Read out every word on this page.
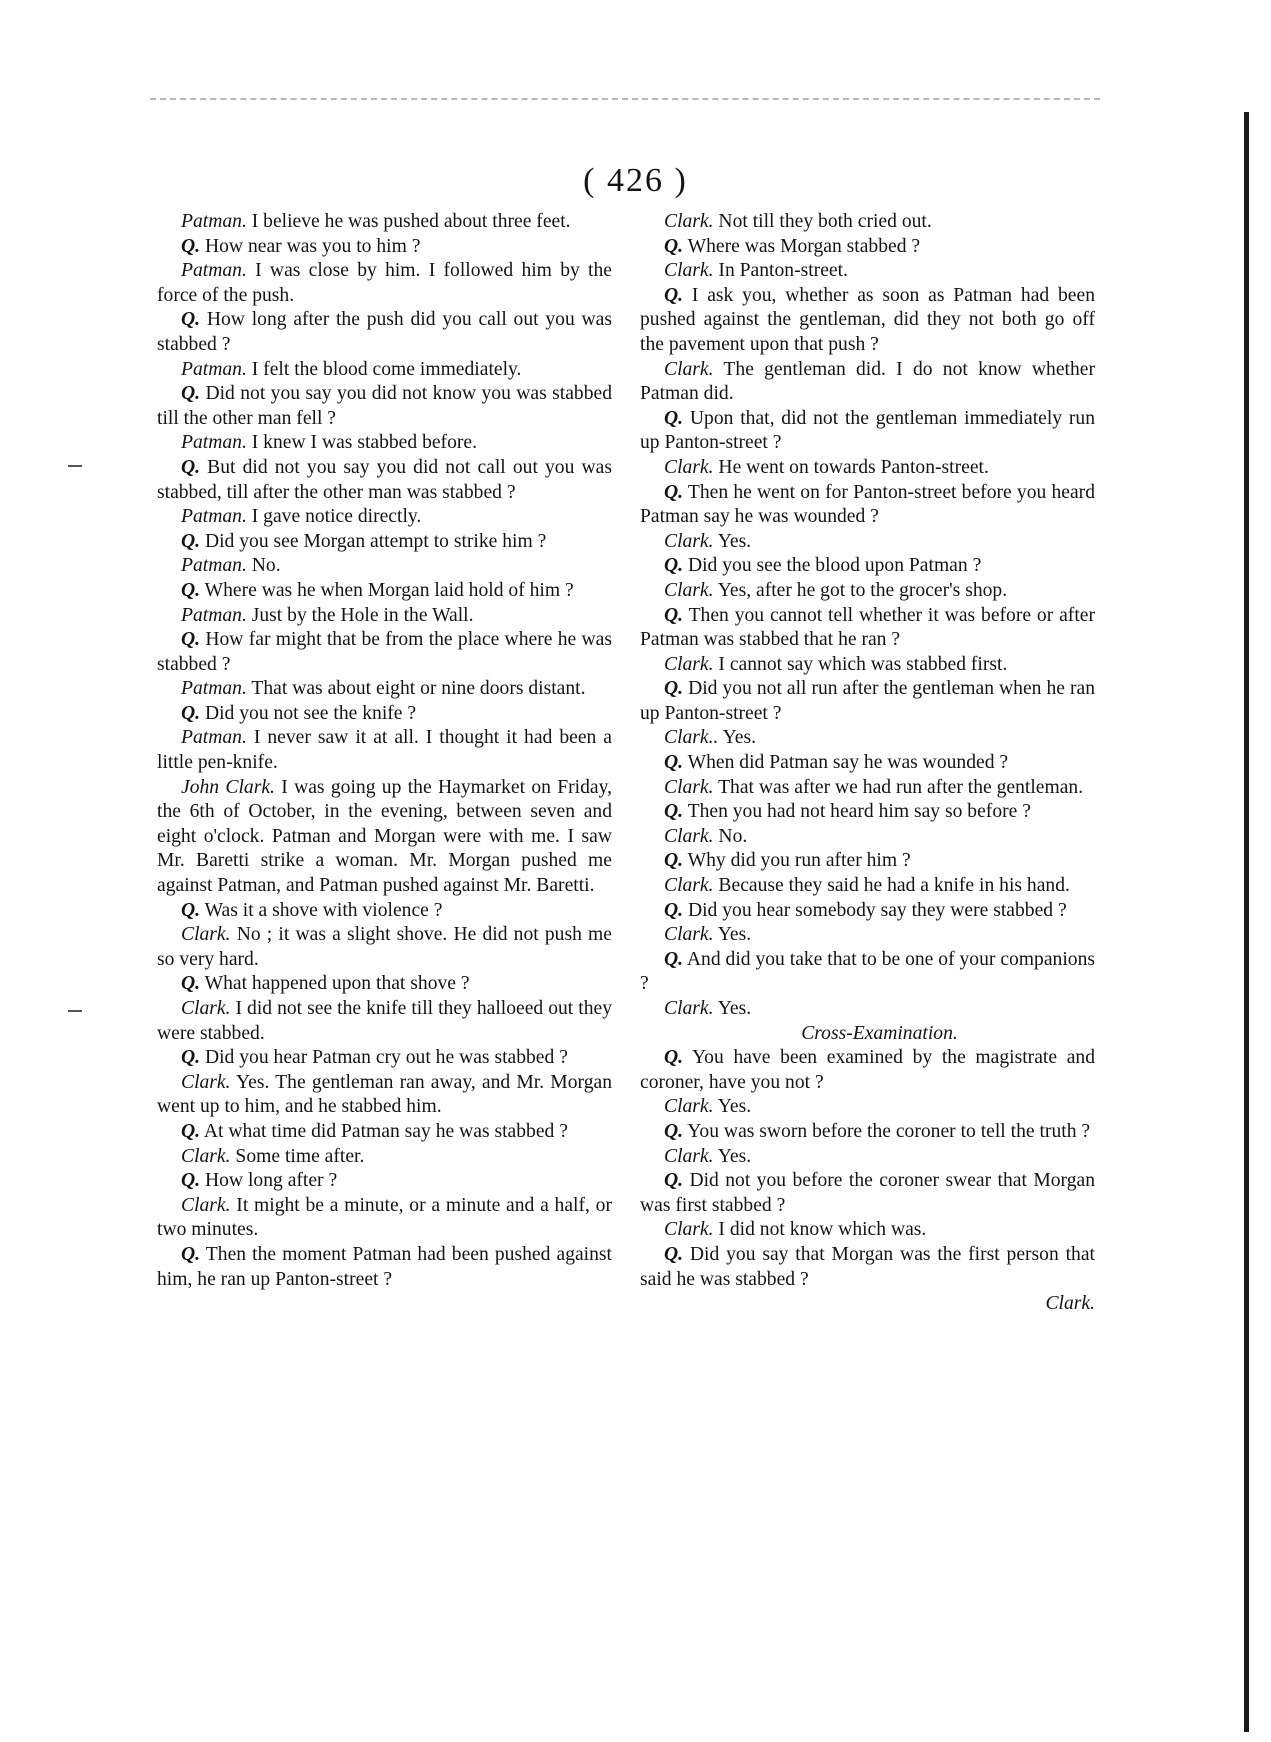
( 426 )

Patman. I believe he was pushed about three feet.

Q. How near was you to him ?

Patman. I was close by him. I followed him by the force of the push.

Q. How long after the push did you call out you was stabbed ?

Patman. I felt the blood come immediately.

Q. Did not you say you did not know you was stabbed till the other man fell ?

Patman. I knew I was stabbed before.

Q. But did not you say you did not call out you was stabbed, till after the other man was stabbed ?

Patman. I gave notice directly.

Q. Did you see Morgan attempt to strike him ?

Patman. No.

Q. Where was he when Morgan laid hold of him ?

Patman. Just by the Hole in the Wall.

Q. How far might that be from the place where he was stabbed ?

Patman. That was about eight or nine doors distant.

Q. Did you not see the knife ?

Patman. I never saw it at all. I thought it had been a little pen-knife.

John Clark. I was going up the Haymarket on Friday, the 6th of October, in the evening, between seven and eight o'clock. Patman and Morgan were with me. I saw Mr. Baretti strike a woman. Mr. Morgan pushed me against Patman, and Patman pushed against Mr. Baretti.

Q. Was it a shove with violence ?

Clark. No ; it was a slight shove. He did not push me so very hard.

Q. What happened upon that shove ?

Clark. I did not see the knife till they halloeed out they were stabbed.

Q. Did you hear Patman cry out he was stabbed ?

Clark. Yes. The gentleman ran away, and Mr. Morgan went up to him, and he stabbed him.

Q. At what time did Patman say he was stabbed ?

Clark. Some time after.

Q. How long after ?

Clark. It might be a minute, or a minute and a half, or two minutes.

Q. Then the moment Patman had been pushed against him, he ran up Panton-street ?

Clark. Not till they both cried out.

Q. Where was Morgan stabbed ?

Clark. In Panton-street.

Q. I ask you, whether as soon as Patman had been pushed against the gentleman, did they not both go off the pavement upon that push ?

Clark. The gentleman did. I do not know whether Patman did.

Q. Upon that, did not the gentleman immediately run up Panton-street ?

Clark. He went on towards Panton-street.

Q. Then he went on for Panton-street before you heard Patman say he was wounded ?

Clark. Yes.

Q. Did you see the blood upon Patman ?

Clark. Yes, after he got to the grocer's shop.

Q. Then you cannot tell whether it was before or after Patman was stabbed that he ran ?

Clark. I cannot say which was stabbed first.

Q. Did you not all run after the gentleman when he ran up Panton-street ?

Clark.. Yes.

Q. When did Patman say he was wounded ?

Clark. That was after we had run after the gentleman.

Q. Then you had not heard him say so before ?

Clark. No.

Q. Why did you run after him ?

Clark. Because they said he had a knife in his hand.

Q. Did you hear somebody say they were stabbed ?

Clark. Yes.

Q. And did you take that to be one of your companions ?

Clark. Yes.

Cross-Examination.

Q. You have been examined by the magistrate and coroner, have you not ?

Clark. Yes.

Q. You was sworn before the coroner to tell the truth ?

Clark. Yes.

Q. Did not you before the coroner swear that Morgan was first stabbed ?

Clark. I did not know which was.

Q. Did you say that Morgan was the first person that said he was stabbed ?

Clark.
